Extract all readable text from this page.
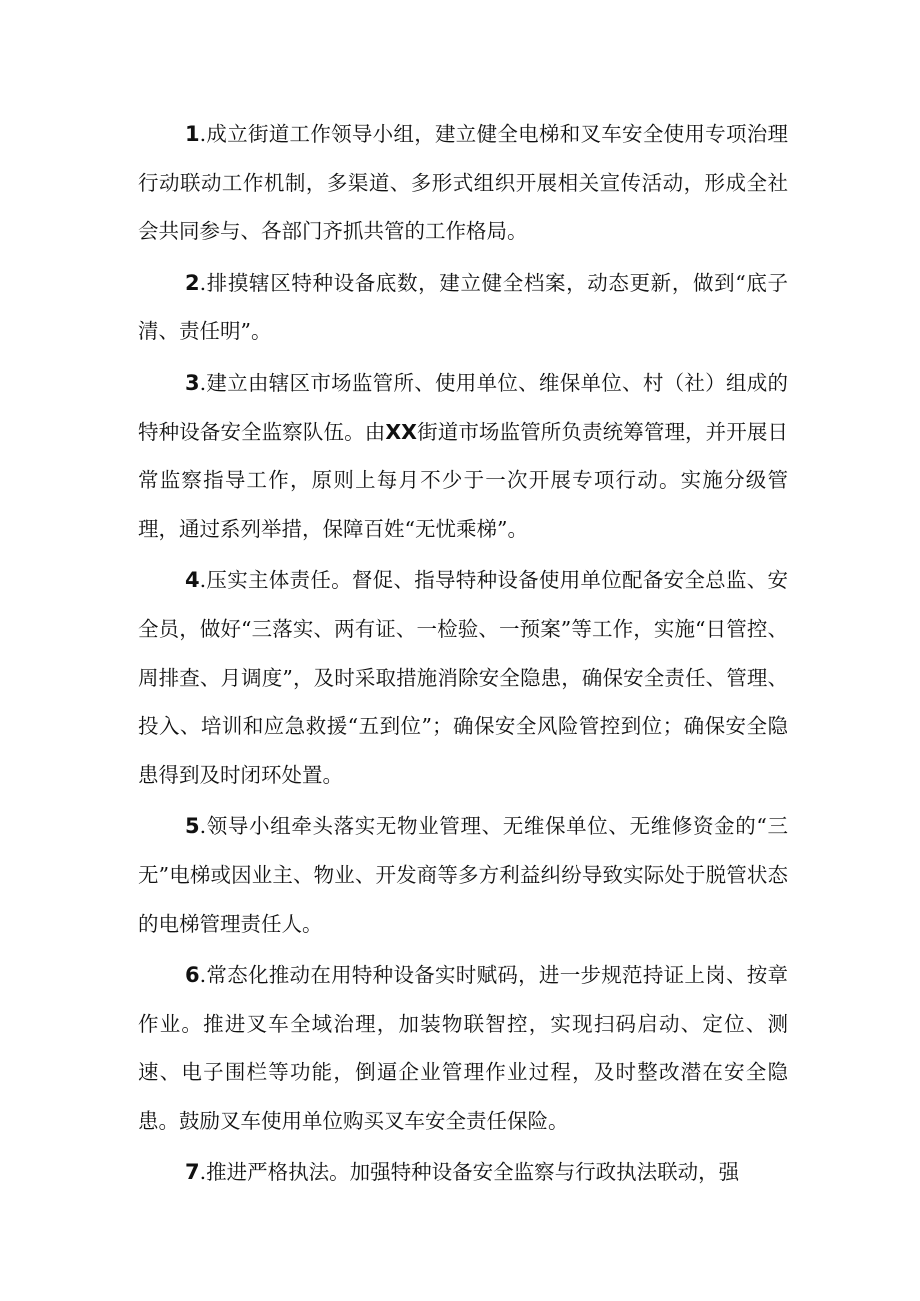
1.成立街道工作领导小组，建立健全电梯和叉车安全使用专项治理行动联动工作机制，多渠道、多形式组织开展相关宣传活动，形成全社会共同参与、各部门齐抓共管的工作格局。

2.排摸辖区特种设备底数，建立健全档案，动态更新，做到“底子清、责任明”。

3.建立由辖区市场监管所、使用单位、维保单位、村（社）组成的特种设备安全监察队伍。由XX街道市场监管所负责统筹管理，并开展日常监察指导工作，原则上每月不少于一次开展专项行动。实施分级管理，通过系列举措，保障百姓“无忧乘梯”。

4.压实主体责任。督促、指导特种设备使用单位配备安全总监、安全员，做好“三落实、两有证、一检验、一预案”等工作，实施“日管控、周排查、月调度”，及时采取措施消除安全隐患，确保安全责任、管理、投入、培训和应急救援“五到位”；确保安全风险管控到位；确保安全隐患得到及时闭环处置。

5.领导小组牵头落实无物业管理、无维保单位、无维修资金的“三无”电梯或因业主、物业、开发商等多方利益纠纷导致实际处于脱管状态的电梯管理责任人。

6.常态化推动在用特种设备实时赋码，进一步规范持证上岗、按章作业。推进叉车全域治理，加装物联智控，实现扫码启动、定位、测速、电子围栏等功能，倒逼企业管理作业过程，及时整改潜在安全隐患。鼓励叉车使用单位购买叉车安全责任保险。

7.推进严格执法。加强特种设备安全监察与行政执法联动，强
